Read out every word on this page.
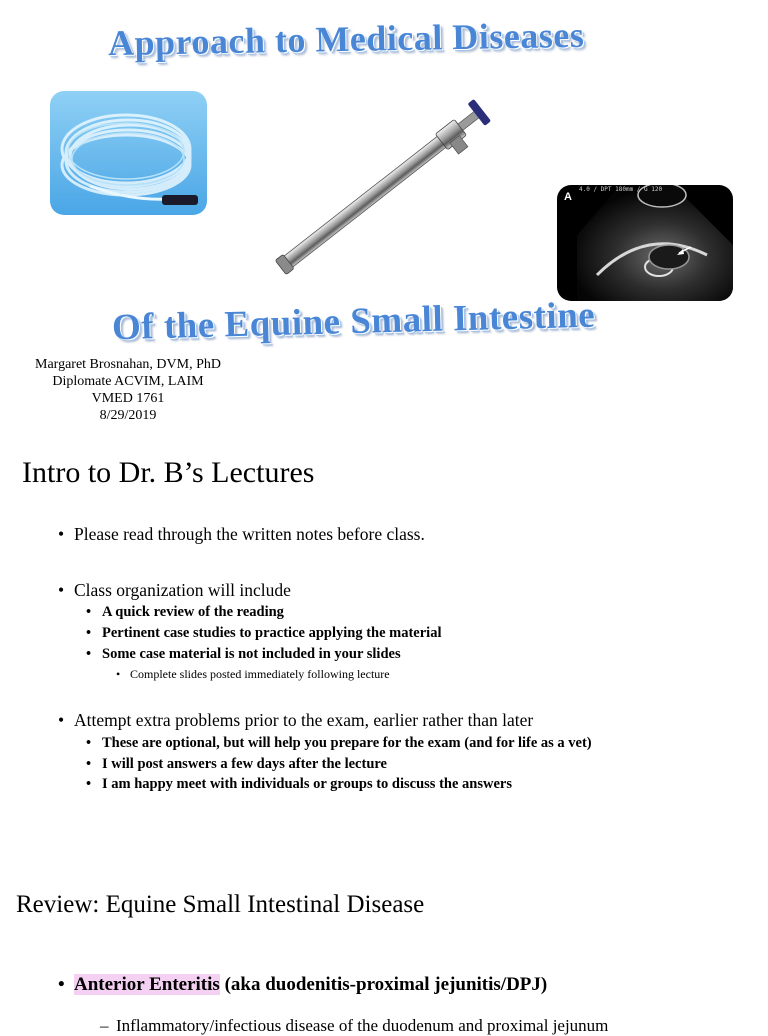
Approach to Medical Diseases
4.0 / DPT 180mm / G 120
A
Of the Equine Small Intestine
Margaret Brosnahan, DVM, PhD
Diplomate ACVIM, LAIM
VMED 1761
8/29/2019
Intro to Dr. B’s Lectures
• Please read through the written notes before class.
• Class organization will include
• A quick review of the reading
• Pertinent case studies to practice applying the material
• Some case material is not included in your slides
• Complete slides posted immediately following lecture
• Attempt extra problems prior to the exam, earlier rather than later
• These are optional, but will help you prepare for the exam (and for life as a vet)
• I will post answers a few days after the lecture
• I am happy meet with individuals or groups to discuss the answers
Review: Equine Small Intestinal Disease
• Anterior Enteritis (aka duodenitis-proximal jejunitis/DPJ)
– Inflammatory/infectious disease of the duodenum and proximal jejunum
